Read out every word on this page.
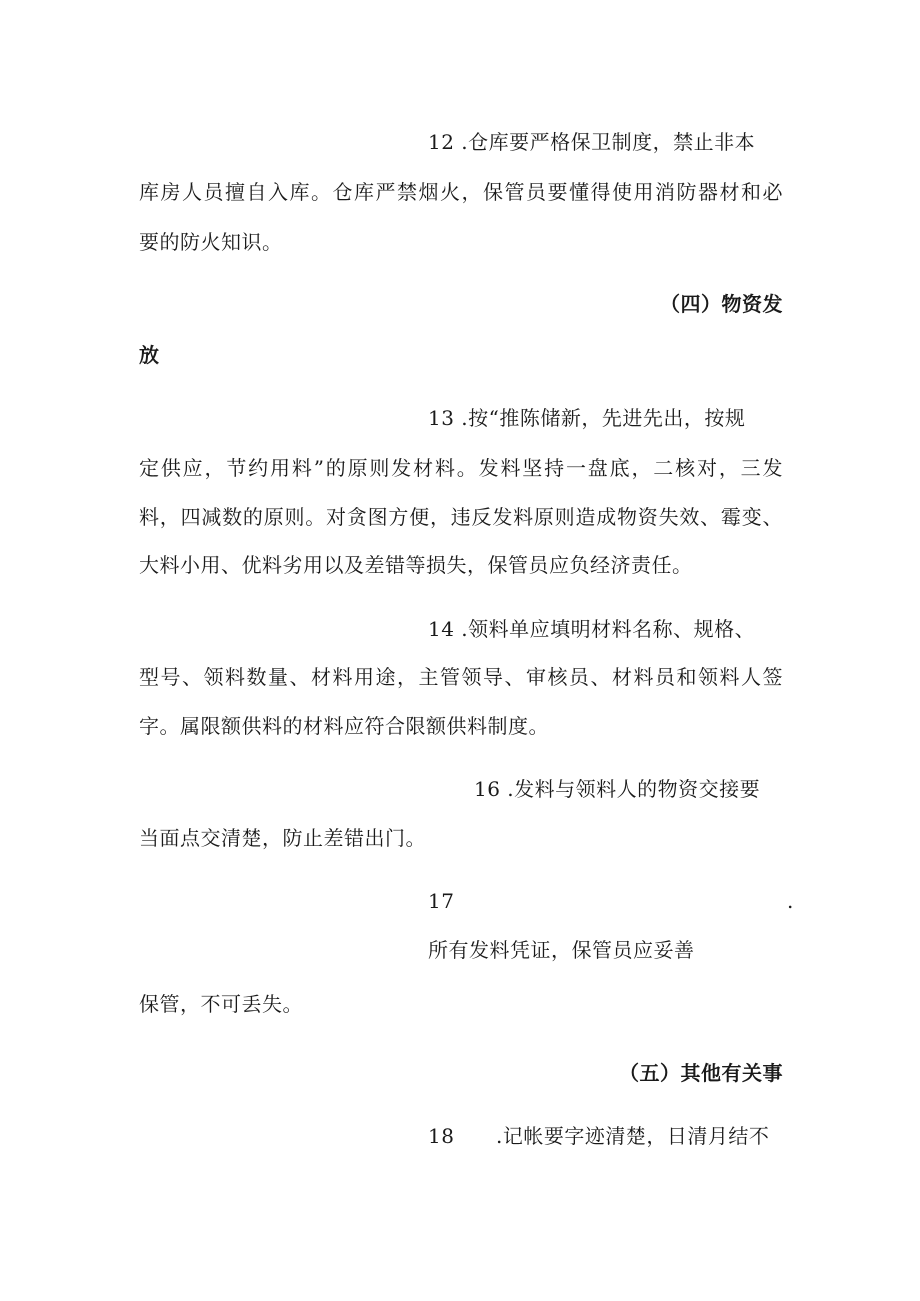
12 .仓库要严格保卫制度，禁止非本
库房人员擅自入库。仓库严禁烟火，保管员要懂得使用消防器材和必
要的防火知识。
（四）物资发
放
13 .按“推陈储新，先进先出，按规
定供应，节约用料”的原则发材料。发料坚持一盘底，二核对，三发
料，四减数的原则。对贪图方便，违反发料原则造成物资失效、霉变、
大料小用、优料劣用以及差错等损失，保管员应负经济责任。
14 .领料单应填明材料名称、规格、
型号、领料数量、材料用途，主管领导、审核员、材料员和领料人签
字。属限额供料的材料应符合限额供料制度。
16 .发料与领料人的物资交接要
当面点交清楚，防止差错出门。
17	.
所有发料凭证，保管员应妥善
保管，不可丢失。
（五）其他有关事
18 .记帐要字迹清楚，日清月结不
